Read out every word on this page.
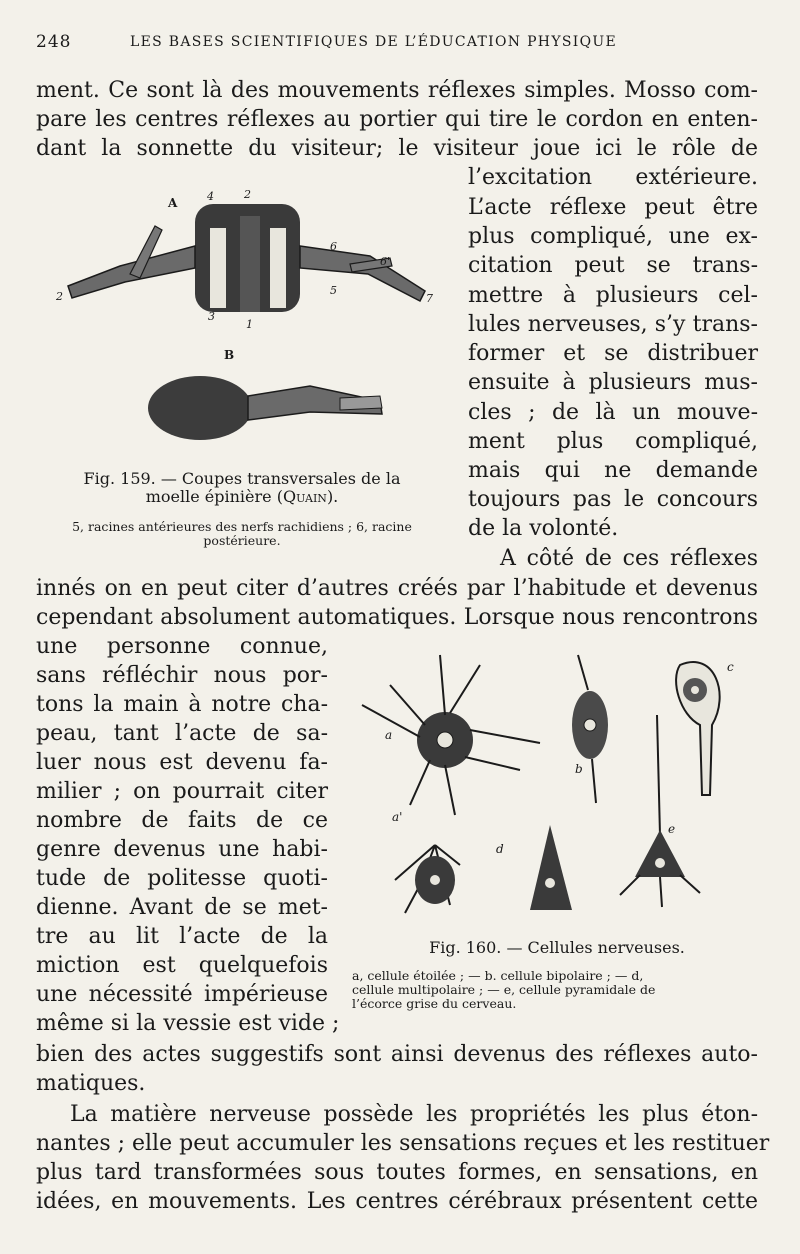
248	LES BASES SCIENTIFIQUES DE L’ÉDUCATION PHYSIQUE
ment. Ce sont là des mouvements réflexes simples. Mosso com-
pare les centres réflexes au portier qui tire le cordon en enten-
dant la sonnette du visiteur; le visiteur joue ici le rôle de
l’excitation extérieure.
L’acte réflexe peut être
plus compliqué, une ex-
citation peut se trans-
mettre à plusieurs cel-
lules nerveuses, s’y trans-
former et se distribuer
ensuite à plusieurs mus-
cles ; de là un mouve-
ment plus compliqué,
mais qui ne demande
toujours pas le concours
de la volonté.
A côté de ces réflexes
innés on en peut citer d’autres créés par l’habitude et devenus
cependant absolument automatiques. Lorsque nous rencontrons
une personne connue,
sans réfléchir nous por-
tons la main à notre cha-
peau, tant l’acte de sa-
luer nous est devenu fa-
milier ; on pourrait citer
nombre de faits de ce
genre devenus une habi-
tude de politesse quoti-
dienne. Avant de se met-
tre au lit l’acte de la
miction est quelquefois
une nécessité impérieuse
même si la vessie est vide ;
bien des actes suggestifs sont ainsi devenus des réflexes auto-
matiques.
La matière nerveuse possède les propriétés les plus éton-
nantes ; elle peut accumuler les sensations reçues et les restituer
plus tard transformées sous toutes formes, en sensations, en
idées, en mouvements. Les centres cérébraux présentent cette
A
B
4	2
6
6'
7
5
3
1
2
Fig. 159. — Coupes transversales de la
moelle épinière (Quain).
5, racines antérieures des nerfs rachidiens ; 6, racine
postérieure.
a
a'
b
c
d
e
Fig. 160. — Cellules nerveuses.
a, cellule étoilée ; — b. cellule bipolaire ; — d,
cellule multipolaire ; — e, cellule pyramidale de
l’écorce grise du cerveau.
